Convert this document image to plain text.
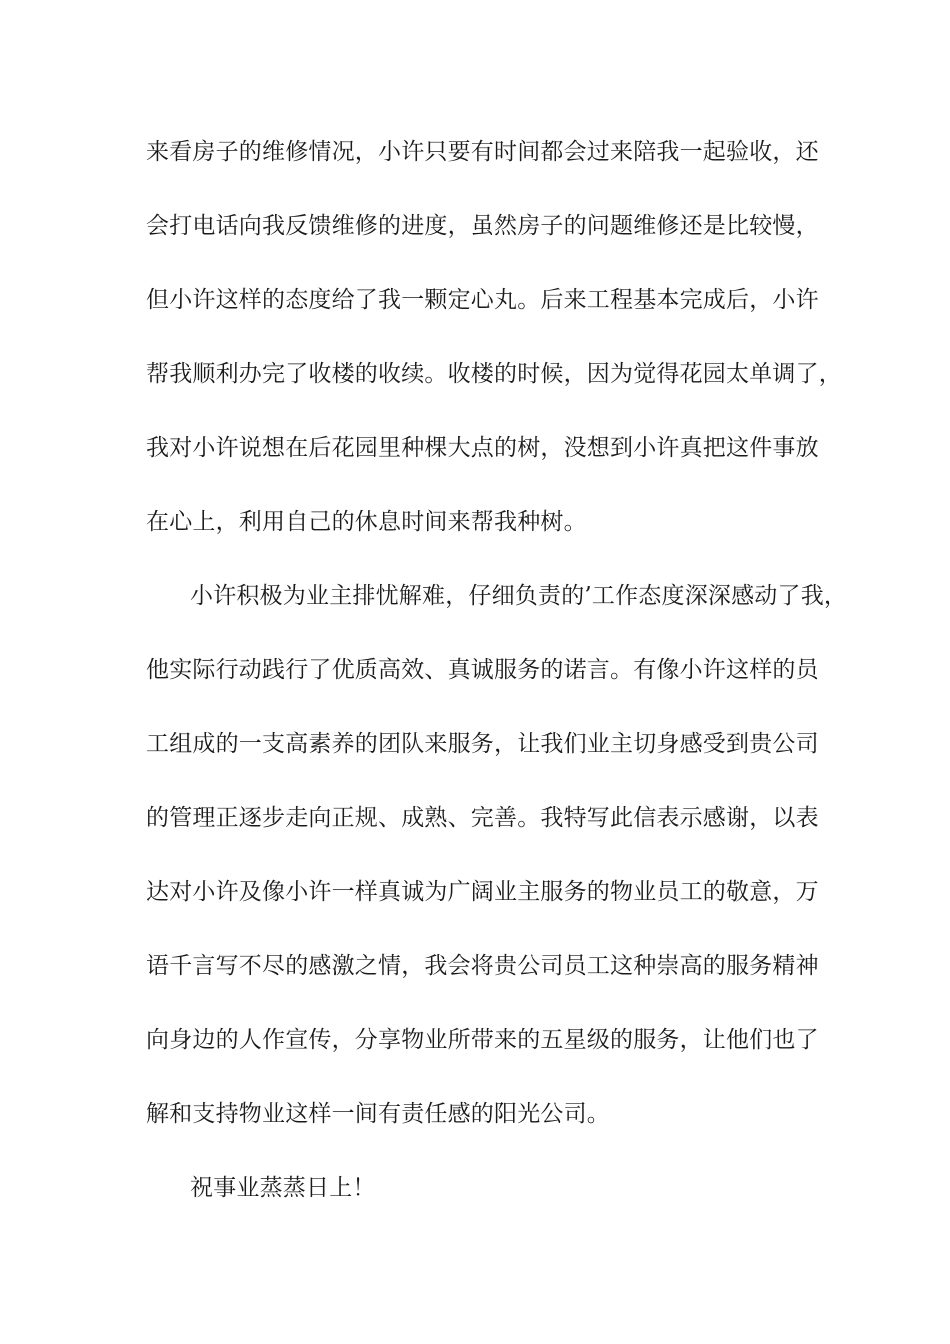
来看房子的维修情况，小许只要有时间都会过来陪我一起验收，还
会打电话向我反馈维修的进度，虽然房子的问题维修还是比较慢，
但小许这样的态度给了我一颗定心丸。后来工程基本完成后，小许
帮我顺利办完了收楼的收续。收楼的时候，因为觉得花园太单调了，
我对小许说想在后花园里种棵大点的树，没想到小许真把这件事放
在心上，利用自己的休息时间来帮我种树。
小许积极为业主排忧解难，仔细负责的’工作态度深深感动了我，
他实际行动践行了优质高效、真诚服务的诺言。有像小许这样的员
工组成的一支高素养的团队来服务，让我们业主切身感受到贵公司
的管理正逐步走向正规、成熟、完善。我特写此信表示感谢，以表
达对小许及像小许一样真诚为广阔业主服务的物业员工的敬意，万
语千言写不尽的感激之情，我会将贵公司员工这种崇高的服务精神
向身边的人作宣传，分享物业所带来的五星级的服务，让他们也了
解和支持物业这样一间有责任感的阳光公司。
祝事业蒸蒸日上！
